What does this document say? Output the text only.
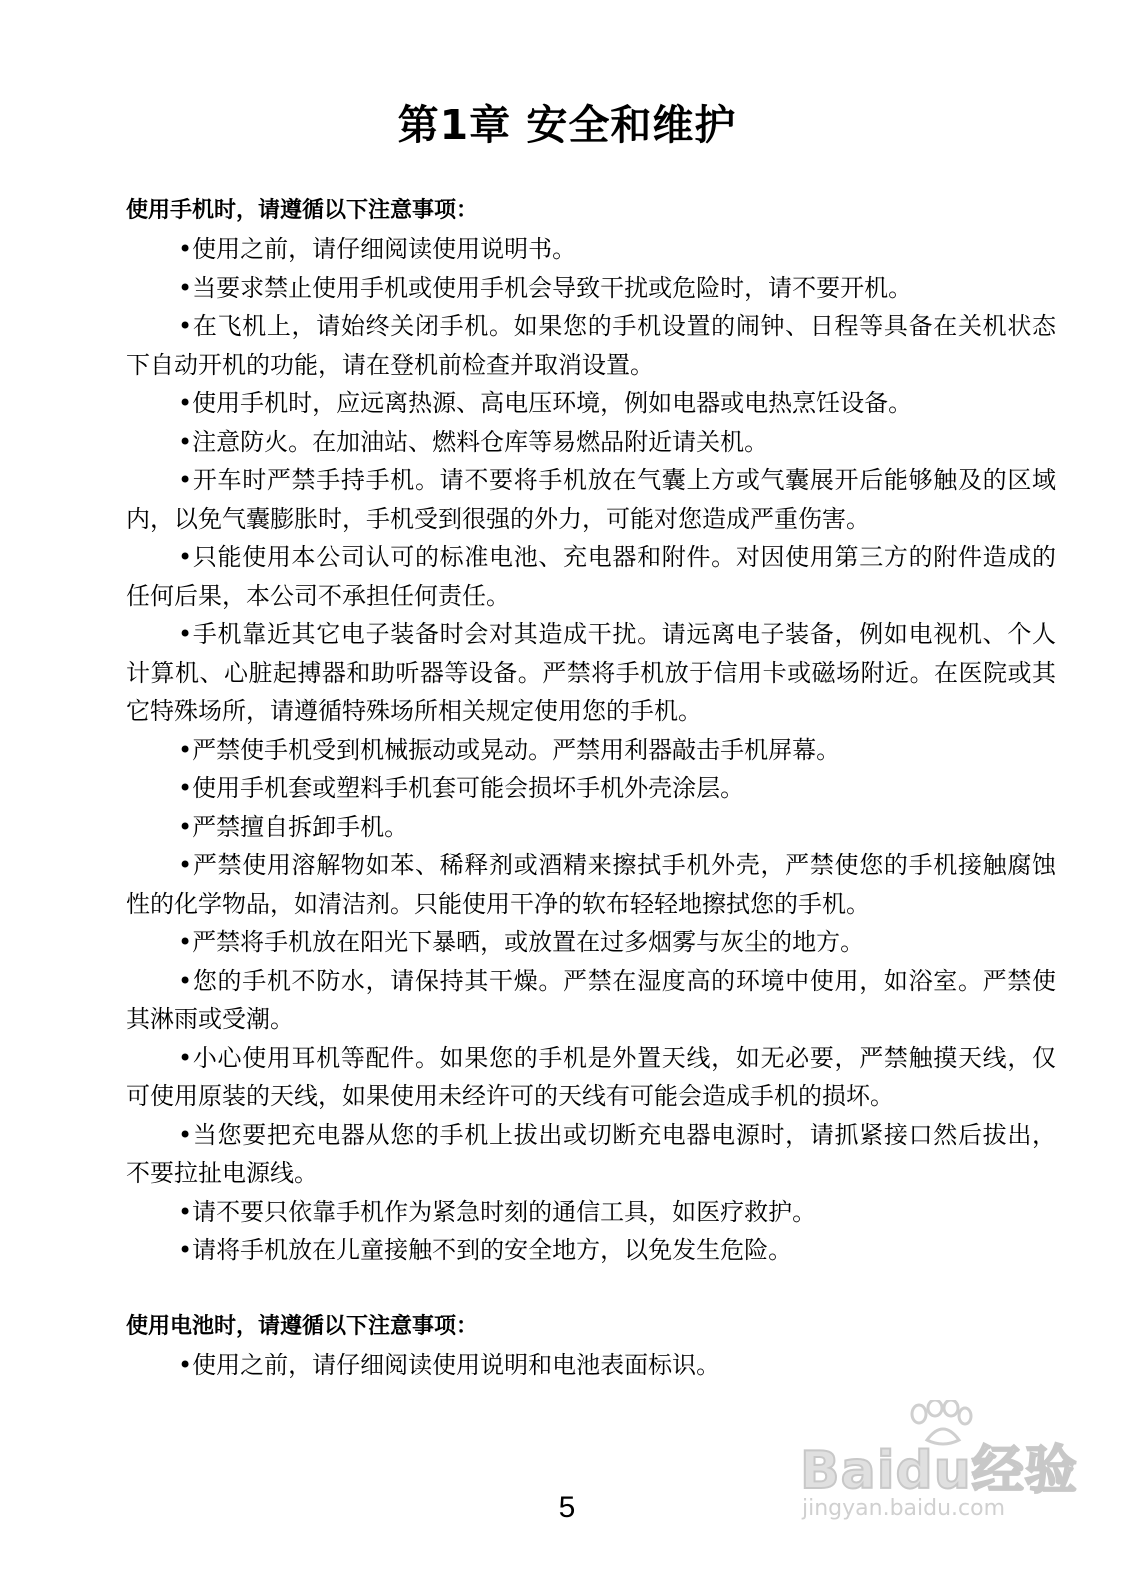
第1章 安全和维护
使用手机时，请遵循以下注意事项：
•使用之前，请仔细阅读使用说明书。
•当要求禁止使用手机或使用手机会导致干扰或危险时，请不要开机。
•在飞机上，请始终关闭手机。如果您的手机设置的闹钟、日程等具备在关机状态下自动开机的功能，请在登机前检查并取消设置。
•使用手机时，应远离热源、高电压环境，例如电器或电热烹饪设备。
•注意防火。在加油站、燃料仓库等易燃品附近请关机。
•开车时严禁手持手机。请不要将手机放在气囊上方或气囊展开后能够触及的区域内，以免气囊膨胀时，手机受到很强的外力，可能对您造成严重伤害。
•只能使用本公司认可的标准电池、充电器和附件。对因使用第三方的附件造成的任何后果，本公司不承担任何责任。
•手机靠近其它电子装备时会对其造成干扰。请远离电子装备，例如电视机、个人计算机、心脏起搏器和助听器等设备。严禁将手机放于信用卡或磁场附近。在医院或其它特殊场所，请遵循特殊场所相关规定使用您的手机。
•严禁使手机受到机械振动或晃动。严禁用利器敲击手机屏幕。
•使用手机套或塑料手机套可能会损坏手机外壳涂层。
•严禁擅自拆卸手机。
•严禁使用溶解物如苯、稀释剂或酒精来擦拭手机外壳，严禁使您的手机接触腐蚀性的化学物品，如清洁剂。只能使用干净的软布轻轻地擦拭您的手机。
•严禁将手机放在阳光下暴晒，或放置在过多烟雾与灰尘的地方。
•您的手机不防水，请保持其干燥。严禁在湿度高的环境中使用，如浴室。严禁使其淋雨或受潮。
•小心使用耳机等配件。如果您的手机是外置天线，如无必要，严禁触摸天线，仅可使用原装的天线，如果使用未经许可的天线有可能会造成手机的损坏。
•当您要把充电器从您的手机上拔出或切断充电器电源时，请抓紧接口然后拔出，不要拉扯电源线。
•请不要只依靠手机作为紧急时刻的通信工具，如医疗救护。
•请将手机放在儿童接触不到的安全地方，以免发生危险。
使用电池时，请遵循以下注意事项：
•使用之前，请仔细阅读使用说明和电池表面标识。
Baidu经验
jingyan.baidu.com
5
